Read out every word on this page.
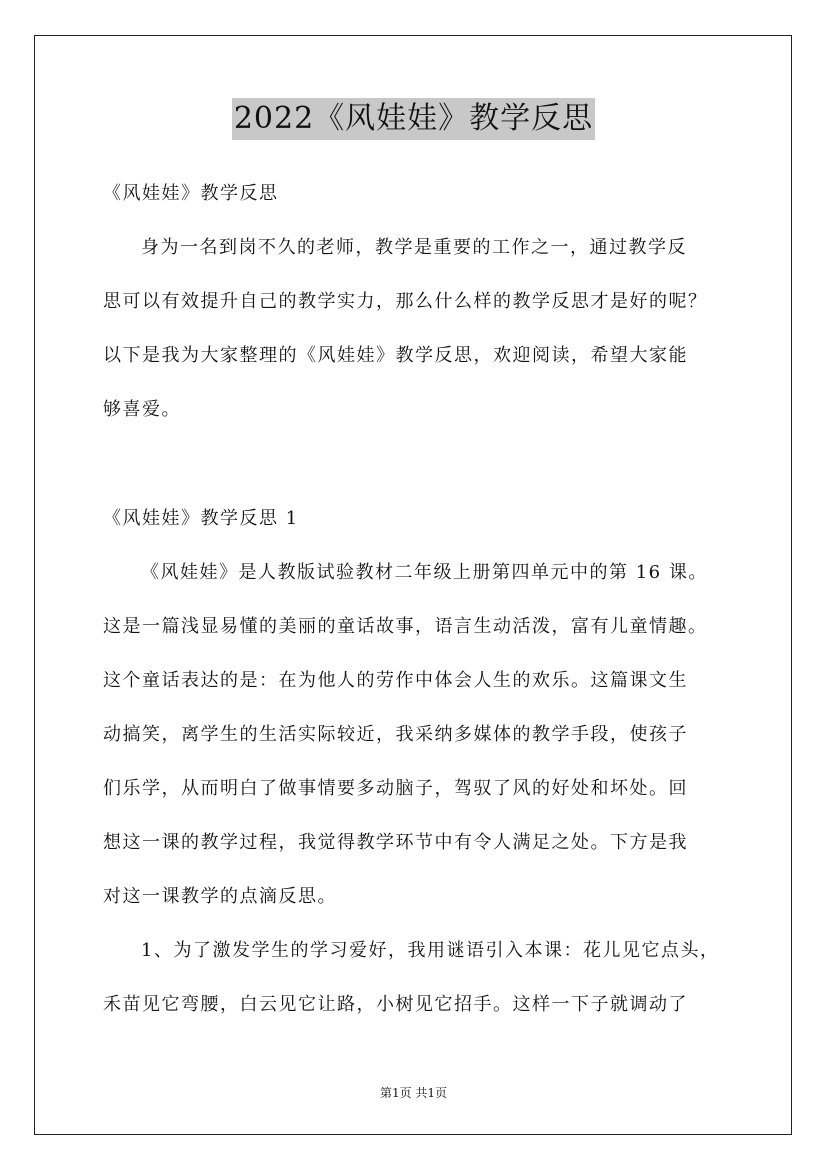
2022《风娃娃》教学反思
《风娃娃》教学反思
身为一名到岗不久的老师，教学是重要的工作之一，通过教学反
思可以有效提升自己的教学实力，那么什么样的教学反思才是好的呢？
以下是我为大家整理的《风娃娃》教学反思，欢迎阅读，希望大家能
够喜爱。
《风娃娃》教学反思 1
《风娃娃》是人教版试验教材二年级上册第四单元中的第 16 课。
这是一篇浅显易懂的美丽的童话故事，语言生动活泼，富有儿童情趣。
这个童话表达的是：在为他人的劳作中体会人生的欢乐。这篇课文生
动搞笑，离学生的生活实际较近，我采纳多媒体的教学手段，使孩子
们乐学，从而明白了做事情要多动脑子，驾驭了风的好处和坏处。回
想这一课的教学过程，我觉得教学环节中有令人满足之处。下方是我
对这一课教学的点滴反思。
1、为了激发学生的学习爱好，我用谜语引入本课：花儿见它点头，
禾苗见它弯腰，白云见它让路，小树见它招手。这样一下子就调动了
第1页 共1页
